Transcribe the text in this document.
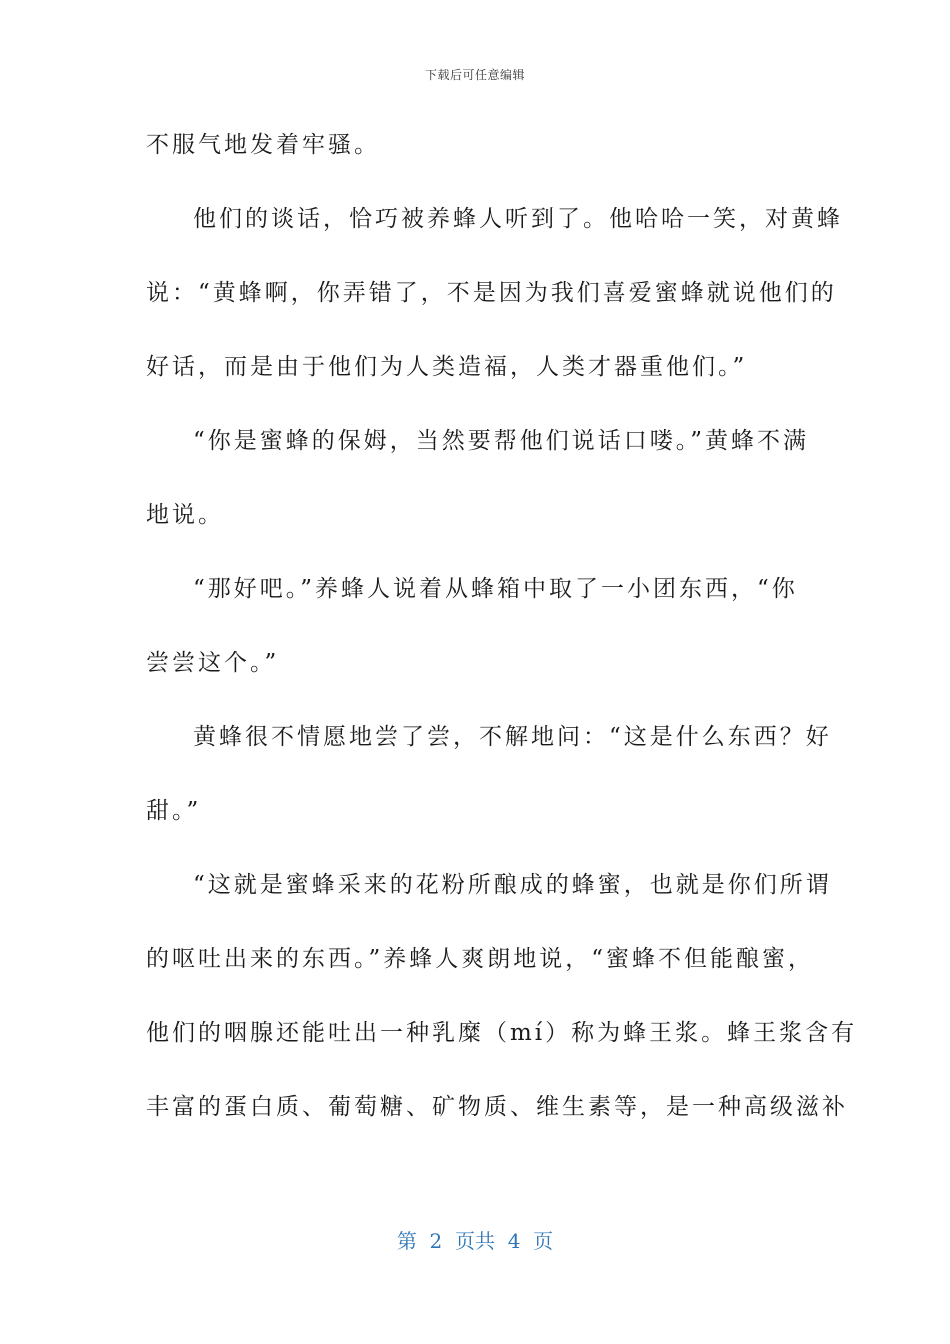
下载后可任意编辑
不服气地发着牢骚。
他们的谈话，恰巧被养蜂人听到了。他哈哈一笑，对黄蜂
说：“黄蜂啊，你弄错了，不是因为我们喜爱蜜蜂就说他们的
好话，而是由于他们为人类造福，人类才器重他们。”
“你是蜜蜂的保姆，当然要帮他们说话口喽。”黄蜂不满
地说。
“那好吧。”养蜂人说着从蜂箱中取了一小团东西，“你
尝尝这个。”
黄蜂很不情愿地尝了尝，不解地问：“这是什么东西？好
甜。”
“这就是蜜蜂采来的花粉所酿成的蜂蜜，也就是你们所谓
的呕吐出来的东西。”养蜂人爽朗地说，“蜜蜂不但能酿蜜，
他们的咽腺还能吐出一种乳糜（mí）称为蜂王浆。蜂王浆含有
丰富的蛋白质、葡萄糖、矿物质、维生素等，是一种高级滋补
第  2  页共  4  页
